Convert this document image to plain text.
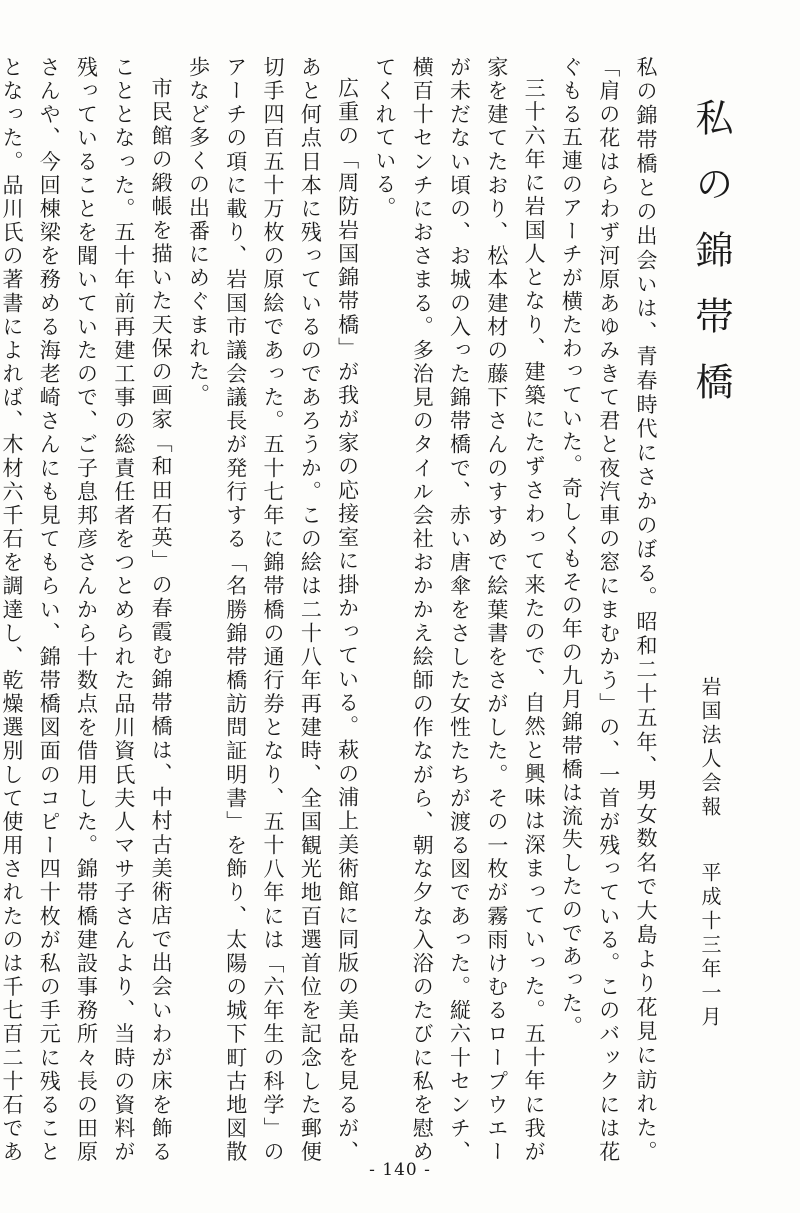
私の錦帯橋
岩国法人会報
平成十三年一月

私の錦帯橋との出会いは、青春時代にさかのぼる。昭和二十五年、男女数名で大島より花見に訪れた。「肩の花はらわず河原あゆみきて君と夜汽車の窓にまむかう」の、一首が残っている。このバックには花ぐもる五連のアーチが横たわっていた。奇しくもその年の九月錦帯橋は流失したのであった。

三十六年に岩国人となり、建築にたずさわって来たので、自然と興味は深まっていった。五十年に我が家を建てたおり、松本建材の藤下さんのすすめで絵葉書をさがした。その一枚が霧雨けむるロープウエーが未だない頃の、お城の入った錦帯橋で、赤い唐傘をさした女性たちが渡る図であった。縦六十センチ、横百十センチにおさまる。多治見のタイル会社おかかえ絵師の作ながら、朝な夕な入浴のたびに私を慰めてくれている。

広重の「周防岩国錦帯橋」が我が家の応接室に掛かっている。萩の浦上美術館に同版の美品を見るが、あと何点日本に残っているのであろうか。この絵は二十八年再建時、全国観光地百選首位を記念した郵便切手四百五十万枚の原絵であった。五十七年に錦帯橋の通行券となり、五十八年には「六年生の科学」のアーチの項に載り、岩国市議会議長が発行する「名勝錦帯橋訪問証明書」を飾り、太陽の城下町古地図散歩など多くの出番にめぐまれた。

市民館の緞帳を描いた天保の画家「和田石英」の春霞む錦帯橋は、中村古美術店で出会いわが床を飾ることとなった。五十年前再建工事の総責任者をつとめられた品川資氏夫人マサ子さんより、当時の資料が残っていることを聞いていたので、ご子息邦彦さんから十数点を借用した。錦帯橋建設事務所々長の田原さんや、今回棟梁を務める海老崎さんにも見てもらい、錦帯橋図面のコピー四十枚が私の手元に残ることとなった。品川氏の著書によれば、木材六千石を調達し、乾燥選別して使用されたのは千七百二十石であ

- 140 -
